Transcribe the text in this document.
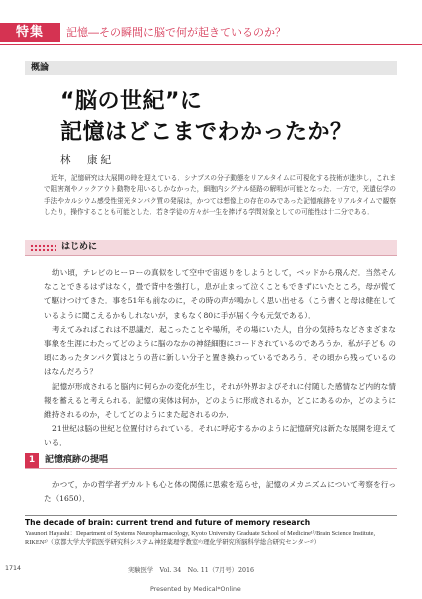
特集	記憶―その瞬間に脳で何が起きているのか？
概論
“脳の世紀”に
記憶はどこまでわかったか？
林　康紀
近年，記憶研究は大展開の時を迎えている．シナプスの分子動態をリアルタイムに可視化する技術が進歩し，これまで阻害剤やノックアウト動物を用いるしかなかった，細胞内シグナル経路の解明が可能となった．一方で，光遺伝学の手法やカルシウム感受性蛍光タンパク質の発展は，かつては想像上の存在のみであった記憶痕跡をリアルタイムで観察したり，操作することも可能とした．若き学徒の方々が一生を捧げる学問対象としての可能性は十二分である．
はじめに

幼い頃，テレビのヒーローの真似をして空中で宙返りをしようとして，ベッドから飛んだ．当然そんなことできるはずはなく，畳で背中を強打し，息が止まって泣くこともできずにいたところ，母が慌てて駆けつけてきた．事を51年も前なのに，その時の声が鳴かしく思い出せる（こう書くと母は健在しているように聞こえるかもしれないが，まもなく80に手が届く今も元気である）．

考えてみればこれは不思議だ．起こったことや場所，その場にいた人，自分の気持ちなどさまざまな事象を生涯にわたってどのように脳のなかの神経細胞にコードされているのであろうか．私が子ども の頃にあったタンパク質はとうの昔に新しい分子と置き換わっているであろう．その頃から残っているのはなんだろう？

記憶が形成されると脳内に何らかの変化が生じ，それが外界およびそれに付随した感情など内的な情報を蓄えると考えられる．記憶の実体は何か，どのように形成されるか，どこにあるのか，どのように維持されるのか，そしてどのようにまた起されるのか．

21世紀は脳の世紀と位置付けられている．それに呼応するかのように記憶研究は新たな展開を迎えている．

1	記憶痕跡の提唱

かつて，かの哲学者デカルトも心と体の関係に思索を巡らせ，記憶のメカニズムについて考察を行った（1650）．

The decade of brain: current trend and future of memory research
Yasunori Hayashi：Department of Systems Neuropharmacology, Kyoto University Graduate School of Medicine¹⁾/Brain Science Institute, RIKEN²⁾（京都大学大学院医学研究科システム神経薬理学教室¹⁾/理化学研究所脳科学総合研究センター²⁾）
1714	実験医学　Vol. 34　No. 11（7月号）2016
Presented by Medical*Online
